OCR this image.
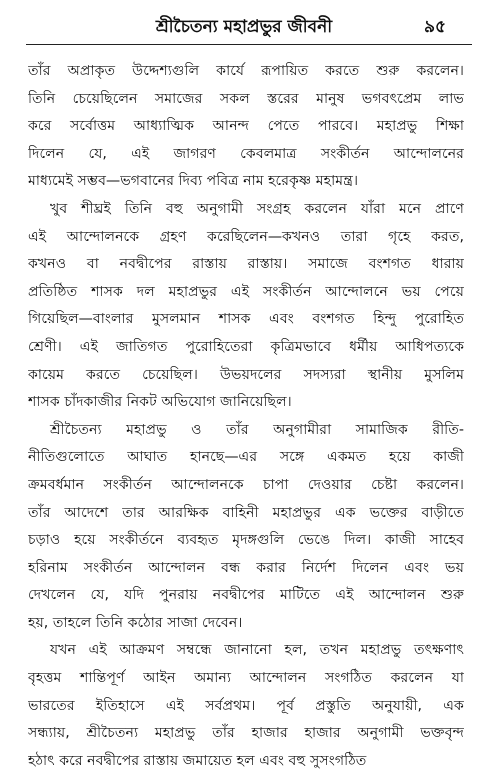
শ্রীচৈতন্য মহাপ্রভুর জীবনী	৯৫
তাঁর অপ্রাকৃত উদ্দেশ্যগুলি কার্যে রূপায়িত করতে শুরু করলেন।
তিনি চেয়েছিলেন সমাজের সকল স্তরের মানুষ ভগবৎপ্রেম লাভ
করে সর্বোত্তম আধ্যাত্মিক আনন্দ পেতে পারবে। মহাপ্রভু শিক্ষা
দিলেন যে, এই জাগরণ কেবলমাত্র সংকীর্তন আন্দোলনের
মাধ্যমেই সম্ভব—ভগবানের দিব্য পবিত্র নাম হরেকৃষ্ণ মহামন্ত্র।
খুব শীঘ্রই তিনি বহু অনুগামী সংগ্রহ করলেন যাঁরা মনে প্রাণে
এই আন্দোলনকে গ্রহণ করেছিলেন—কখনও তারা গৃহে করত,
কখনও বা নবদ্বীপের রাস্তায় রাস্তায়। সমাজে বংশগত ধারায়
প্রতিষ্ঠিত শাসক দল মহাপ্রভুর এই সংকীর্তন আন্দোলনে ভয় পেয়ে
গিয়েছিল—বাংলার মুসলমান শাসক এবং বংশগত হিন্দু পুরোহিত
শ্রেণী। এই জাতিগত পুরোহিতেরা কৃত্রিমভাবে ধর্মীয় আধিপত্যকে
কায়েম করতে চেয়েছিল। উভয়দলের সদস্যরা স্থানীয় মুসলিম
শাসক চাঁদকাজীর নিকট অভিযোগ জানিয়েছিল।
শ্রীচৈতন্য মহাপ্রভু ও তাঁর অনুগামীরা সামাজিক রীতি-
নীতিগুলোতে আঘাত হানছে—এর সঙ্গে একমত হয়ে কাজী
ক্রমবর্ধমান সংকীর্তন আন্দোলনকে চাপা দেওয়ার চেষ্টা করলেন।
তাঁর আদেশে তার আরক্ষিক বাহিনী মহাপ্রভুর এক ভক্তের বাড়ীতে
চড়াও হয়ে সংকীর্তনে ব্যবহৃত মৃদঙ্গগুলি ভেঙে দিল। কাজী সাহেব
হরিনাম সংকীর্তন আন্দোলন বন্ধ করার নির্দেশ দিলেন এবং ভয়
দেখলেন যে, যদি পুনরায় নবদ্বীপের মাটিতে এই আন্দোলন শুরু
হয়, তাহলে তিনি কঠোর সাজা দেবেন।
যখন এই আক্রমণ সম্বন্ধে জানানো হল, তখন মহাপ্রভু তৎক্ষণাৎ
বৃহত্তম শান্তিপূর্ণ আইন অমান্য আন্দোলন সংগঠিত করলেন যা
ভারতের ইতিহাসে এই সর্বপ্রথম। পূর্ব প্রস্তুতি অনুযায়ী, এক
সন্ধ্যায়, শ্রীচৈতন্য মহাপ্রভু তাঁর হাজার হাজার অনুগামী ভক্তবৃন্দ
হঠাৎ করে নবদ্বীপের রাস্তায় জমায়েত হল এবং বহু সুসংগঠিত
